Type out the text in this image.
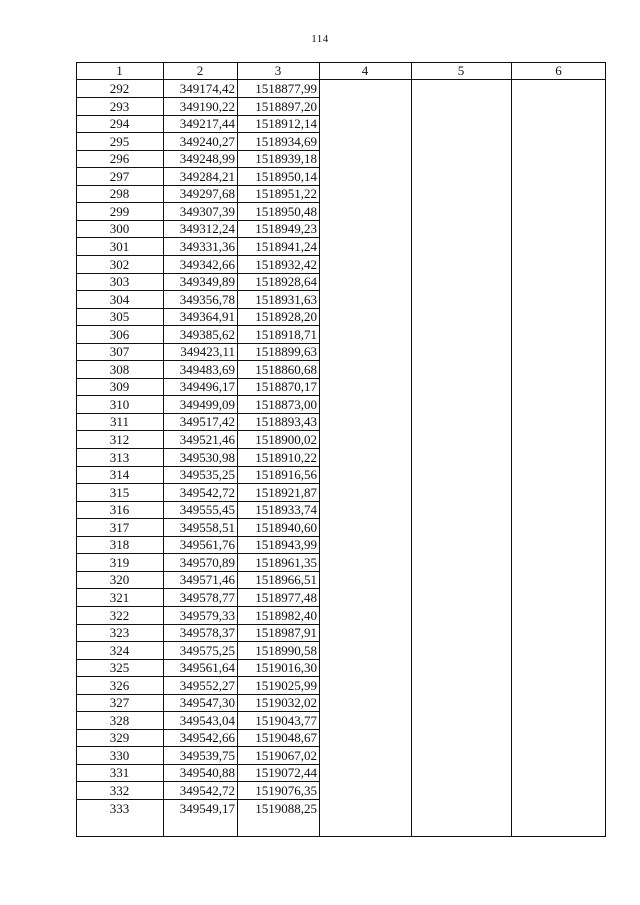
114
1	2	3	4	5	6
292	349174,42	1518877,99
293	349190,22	1518897,20
294	349217,44	1518912,14
295	349240,27	1518934,69
296	349248,99	1518939,18
297	349284,21	1518950,14
298	349297,68	1518951,22
299	349307,39	1518950,48
300	349312,24	1518949,23
301	349331,36	1518941,24
302	349342,66	1518932,42
303	349349,89	1518928,64
304	349356,78	1518931,63
305	349364,91	1518928,20
306	349385,62	1518918,71
307	349423,11	1518899,63
308	349483,69	1518860,68
309	349496,17	1518870,17
310	349499,09	1518873,00
311	349517,42	1518893,43
312	349521,46	1518900,02
313	349530,98	1518910,22
314	349535,25	1518916,56
315	349542,72	1518921,87
316	349555,45	1518933,74
317	349558,51	1518940,60
318	349561,76	1518943,99
319	349570,89	1518961,35
320	349571,46	1518966,51
321	349578,77	1518977,48
322	349579,33	1518982,40
323	349578,37	1518987,91
324	349575,25	1518990,58
325	349561,64	1519016,30
326	349552,27	1519025,99
327	349547,30	1519032,02
328	349543,04	1519043,77
329	349542,66	1519048,67
330	349539,75	1519067,02
331	349540,88	1519072,44
332	349542,72	1519076,35
333	349549,17	1519088,25
